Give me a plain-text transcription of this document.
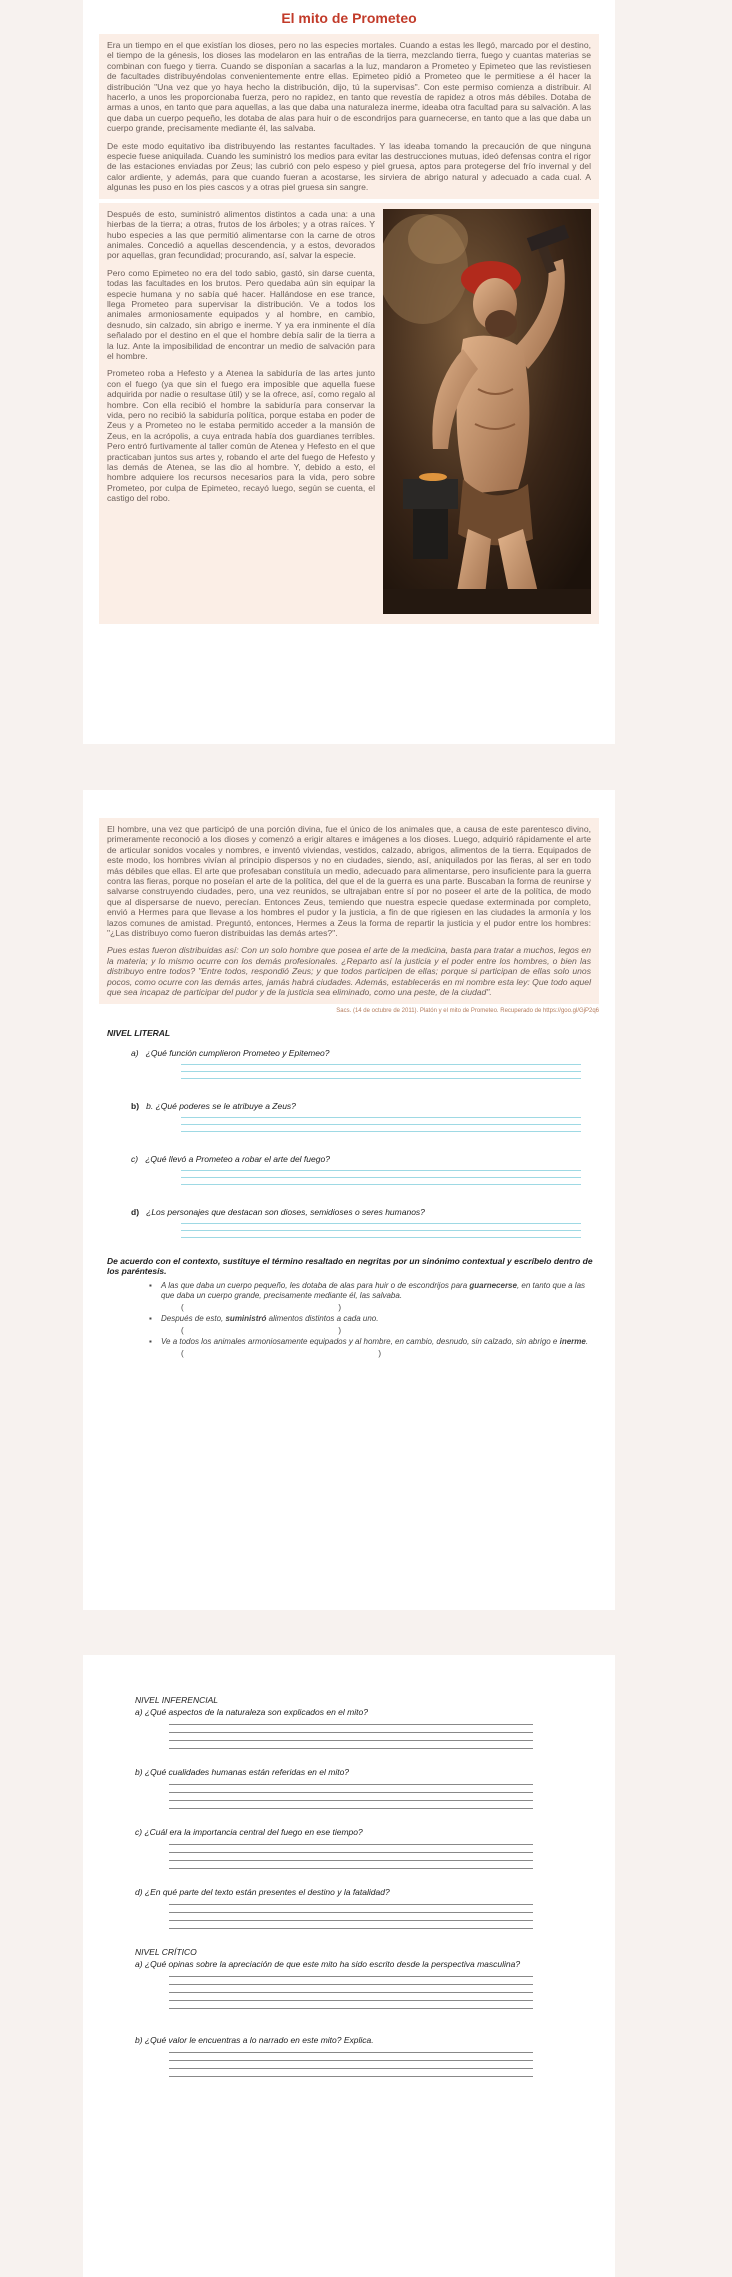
El mito de Prometeo

Era un tiempo en el que existían los dioses, pero no las especies mortales. Cuando a estas les llegó, marcado por el destino, el tiempo de la génesis, los dioses las modelaron en las entrañas de la tierra, mezclando tierra, fuego y cuantas materias se combinan con fuego y tierra. Cuando se disponían a sacarlas a la luz, mandaron a Prometeo y Epimeteo que las revistiesen de facultades distribuyéndolas convenientemente entre ellas. Epimeteo pidió a Prometeo que le permitiese a él hacer la distribución "Una vez que yo haya hecho la distribución, dijo, tú la supervisas". Con este permiso comienza a distribuir. Al hacerlo, a unos les proporcionaba fuerza, pero no rapidez, en tanto que revestía de rapidez a otros más débiles. Dotaba de armas a unos, en tanto que para aquellas, a las que daba una naturaleza inerme, ideaba otra facultad para su salvación. A las que daba un cuerpo pequeño, les dotaba de alas para huir o de escondrijos para guarnecerse, en tanto que a las que daba un cuerpo grande, precisamente mediante él, las salvaba.

De este modo equitativo iba distribuyendo las restantes facultades. Y las ideaba tomando la precaución de que ninguna especie fuese aniquilada. Cuando les suministró los medios para evitar las destrucciones mutuas, ideó defensas contra el rigor de las estaciones enviadas por Zeus; las cubrió con pelo espeso y piel gruesa, aptos para protegerse del frío invernal y del calor ardiente, y además, para que cuando fueran a acostarse, les sirviera de abrigo natural y adecuado a cada cual. A algunas les puso en los pies cascos y a otras piel gruesa sin sangre.

Después de esto, suministró alimentos distintos a cada una: a una hierbas de la tierra; a otras, frutos de los árboles; y a otras raíces. Y hubo especies a las que permitió alimentarse con la carne de otros animales. Concedió a aquellas descendencia, y a estos, devorados por aquellas, gran fecundidad; procurando, así, salvar la especie.

Pero como Epimeteo no era del todo sabio, gastó, sin darse cuenta, todas las facultades en los brutos. Pero quedaba aún sin equipar la especie humana y no sabía qué hacer. Hallándose en ese trance, llega Prometeo para supervisar la distribución. Ve a todos los animales armoniosamente equipados y al hombre, en cambio, desnudo, sin calzado, sin abrigo e inerme. Y ya era inminente el día señalado por el destino en el que el hombre debía salir de la tierra a la luz. Ante la imposibilidad de encontrar un medio de salvación para el hombre.

Prometeo roba a Hefesto y a Atenea la sabiduría de las artes junto con el fuego (ya que sin el fuego era imposible que aquella fuese adquirida por nadie o resultase útil) y se la ofrece, así, como regalo al hombre. Con ella recibió el hombre la sabiduría para conservar la vida, pero no recibió la sabiduría política, porque estaba en poder de Zeus y a Prometeo no le estaba permitido acceder a la mansión de Zeus, en la acrópolis, a cuya entrada había dos guardianes terribles. Pero entró furtivamente al taller común de Atenea y Hefesto en el que practicaban juntos sus artes y, robando el arte del fuego de Hefesto y las demás de Atenea, se las dio al hombre. Y, debido a esto, el hombre adquiere los recursos necesarios para la vida, pero sobre Prometeo, por culpa de Epimeteo, recayó luego, según se cuenta, el castigo del robo.

El hombre, una vez que participó de una porción divina, fue el único de los animales que, a causa de este parentesco divino, primeramente reconoció a los dioses y comenzó a erigir altares e imágenes a los dioses. Luego, adquirió rápidamente el arte de articular sonidos vocales y nombres, e inventó viviendas, vestidos, calzado, abrigos, alimentos de la tierra. Equipados de este modo, los hombres vivían al principio dispersos y no en ciudades, siendo, así, aniquilados por las fieras, al ser en todo más débiles que ellas. El arte que profesaban constituía un medio, adecuado para alimentarse, pero insuficiente para la guerra contra las fieras, porque no poseían el arte de la política, del que el de la guerra es una parte. Buscaban la forma de reunirse y salvarse construyendo ciudades, pero, una vez reunidos, se ultrajaban entre sí por no poseer el arte de la política, de modo que al dispersarse de nuevo, perecían. Entonces Zeus, temiendo que nuestra especie quedase exterminada por completo, envió a Hermes para que llevase a los hombres el pudor y la justicia, a fin de que rigiesen en las ciudades la armonía y los lazos comunes de amistad. Preguntó, entonces, Hermes a Zeus la forma de repartir la justicia y el pudor entre los hombres: "¿Las distribuyo como fueron distribuidas las demás artes?".

Pues estas fueron distribuidas así: Con un solo hombre que posea el arte de la medicina, basta para tratar a muchos, legos en la materia; y lo mismo ocurre con los demás profesionales. ¿Reparto así la justicia y el poder entre los hombres, o bien las distribuyo entre todos? "Entre todos, respondió Zeus; y que todos participen de ellas; porque si participan de ellas solo unos pocos, como ocurre con las demás artes, jamás habrá ciudades. Además, establecerás en mi nombre esta ley: Que todo aquel que sea incapaz de participar del pudor y de la justicia sea eliminado, como una peste, de la ciudad".

Sacs. (14 de octubre de 2011). Platón y el mito de Prometeo. Recuperado de https://goo.gl/GjP2q6
NIVEL LITERAL
a) ¿Qué función cumplieron Prometeo y Epitemeo?
b) b. ¿Qué poderes se le atribuye a Zeus?
c) ¿Qué llevó a Prometeo a robar el arte del fuego?
d) ¿Los personajes que destacan son dioses, semidioses o seres humanos?
De acuerdo con el contexto, sustituye el término resaltado en negritas por un sinónimo contextual y escríbelo dentro de los paréntesis.
▪ A las que daba un cuerpo pequeño, les dotaba de alas para huir o de escondrijos para guarnecerse, en tanto que a las que daba un cuerpo grande, precisamente mediante él, las salvaba.
(	)
▪ Después de esto, suministró alimentos distintos a cada uno.
(	)
▪ Ve a todos los animales armoniosamente equipados y al hombre, en cambio, desnudo, sin calzado, sin abrigo e inerme.
(	)
NIVEL INFERENCIAL
a) ¿Qué aspectos de la naturaleza son explicados en el mito?
b) ¿Qué cualidades humanas están referidas en el mito?
c) ¿Cuál era la importancia central del fuego en ese tiempo?
d) ¿En qué parte del texto están presentes el destino y la fatalidad?
NIVEL CRÍTICO
a) ¿Qué opinas sobre la apreciación de que este mito ha sido escrito desde la perspectiva masculina?
b) ¿Qué valor le encuentras a lo narrado en este mito? Explica.
